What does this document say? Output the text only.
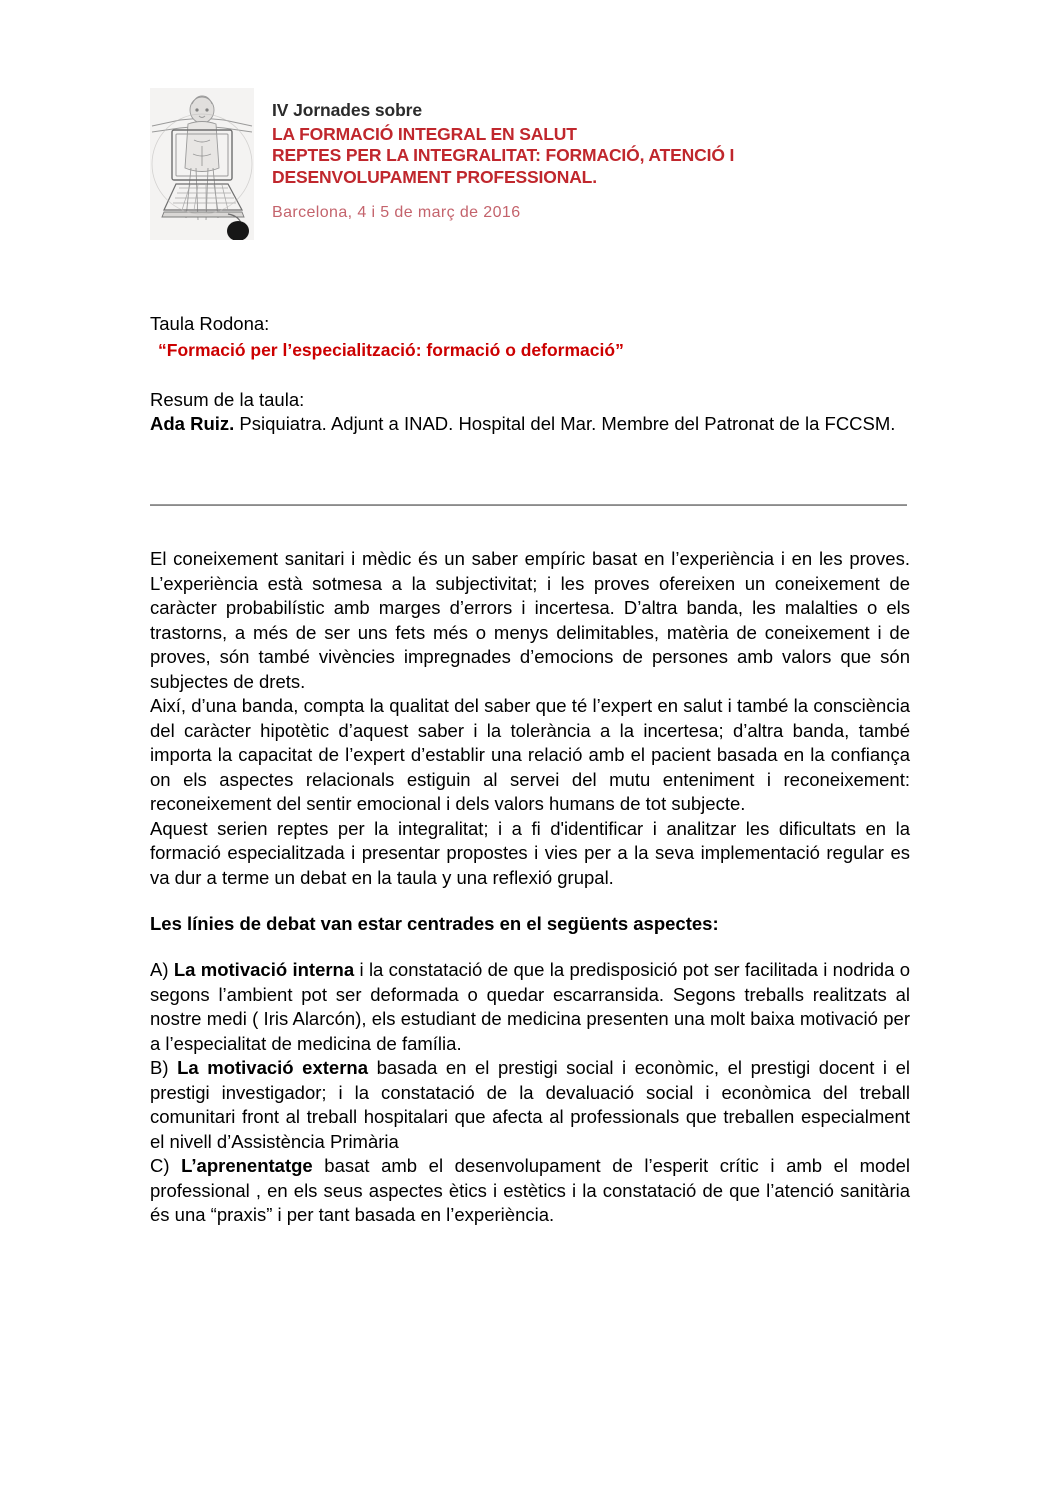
IV Jornades sobre
LA FORMACIÓ INTEGRAL EN SALUT
REPTES PER LA INTEGRALITAT: FORMACIÓ, ATENCIÓ I
DESENVOLUPAMENT PROFESSIONAL.
Barcelona, 4 i 5 de març de 2016
Taula Rodona:
“Formació per l’especialització: formació o deformació”
Resum de la taula:
Ada Ruiz. Psiquiatra. Adjunt a INAD. Hospital del Mar. Membre del Patronat de la FCCSM.

El coneixement sanitari i mèdic és un saber empíric basat en l’experiència i en les proves. L’experiència està sotmesa a la subjectivitat; i les proves ofereixen un coneixement de caràcter probabilístic amb marges d’errors i incertesa. D’altra banda, les malalties o els trastorns, a més de ser uns fets més o menys delimitables, matèria de coneixement i de proves, són també vivències impregnades d’emocions de persones amb valors que són subjectes de drets.

Així, d’una banda, compta la qualitat del saber que té l’expert en salut i també la consciència del caràcter hipotètic d’aquest saber i la tolerància a la incertesa; d’altra banda, també importa la capacitat de l’expert d’establir una relació amb el pacient basada en la confiança on els aspectes relacionals estiguin al servei del mutu enteniment i reconeixement: reconeixement del sentir emocional i dels valors humans de tot subjecte.

Aquest serien reptes per la integralitat; i a fi d'identificar i analitzar les dificultats en la formació especialitzada i presentar propostes i vies per a la seva implementació regular es va dur a terme un debat en la taula y una reflexió grupal.

Les línies de debat van estar centrades en el següents aspectes:

A) La motivació interna i la constatació de que la predisposició pot ser facilitada i nodrida o segons l’ambient pot ser deformada o quedar escarransida. Segons treballs realitzats al nostre medi ( Iris Alarcón), els estudiant de medicina presenten una molt baixa motivació per a l’especialitat de medicina de família.

B) La motivació externa basada en el prestigi social i econòmic, el prestigi docent i el prestigi investigador; i la constatació de la devaluació social i econòmica del treball comunitari front al treball hospitalari que afecta al professionals que treballen especialment el nivell d’Assistència Primària

C) L’aprenentatge basat amb el desenvolupament de l’esperit crític i amb el model professional , en els seus aspectes ètics i estètics i la constatació de que l’atenció sanitària és una “praxis” i per tant basada en l’experiència.
